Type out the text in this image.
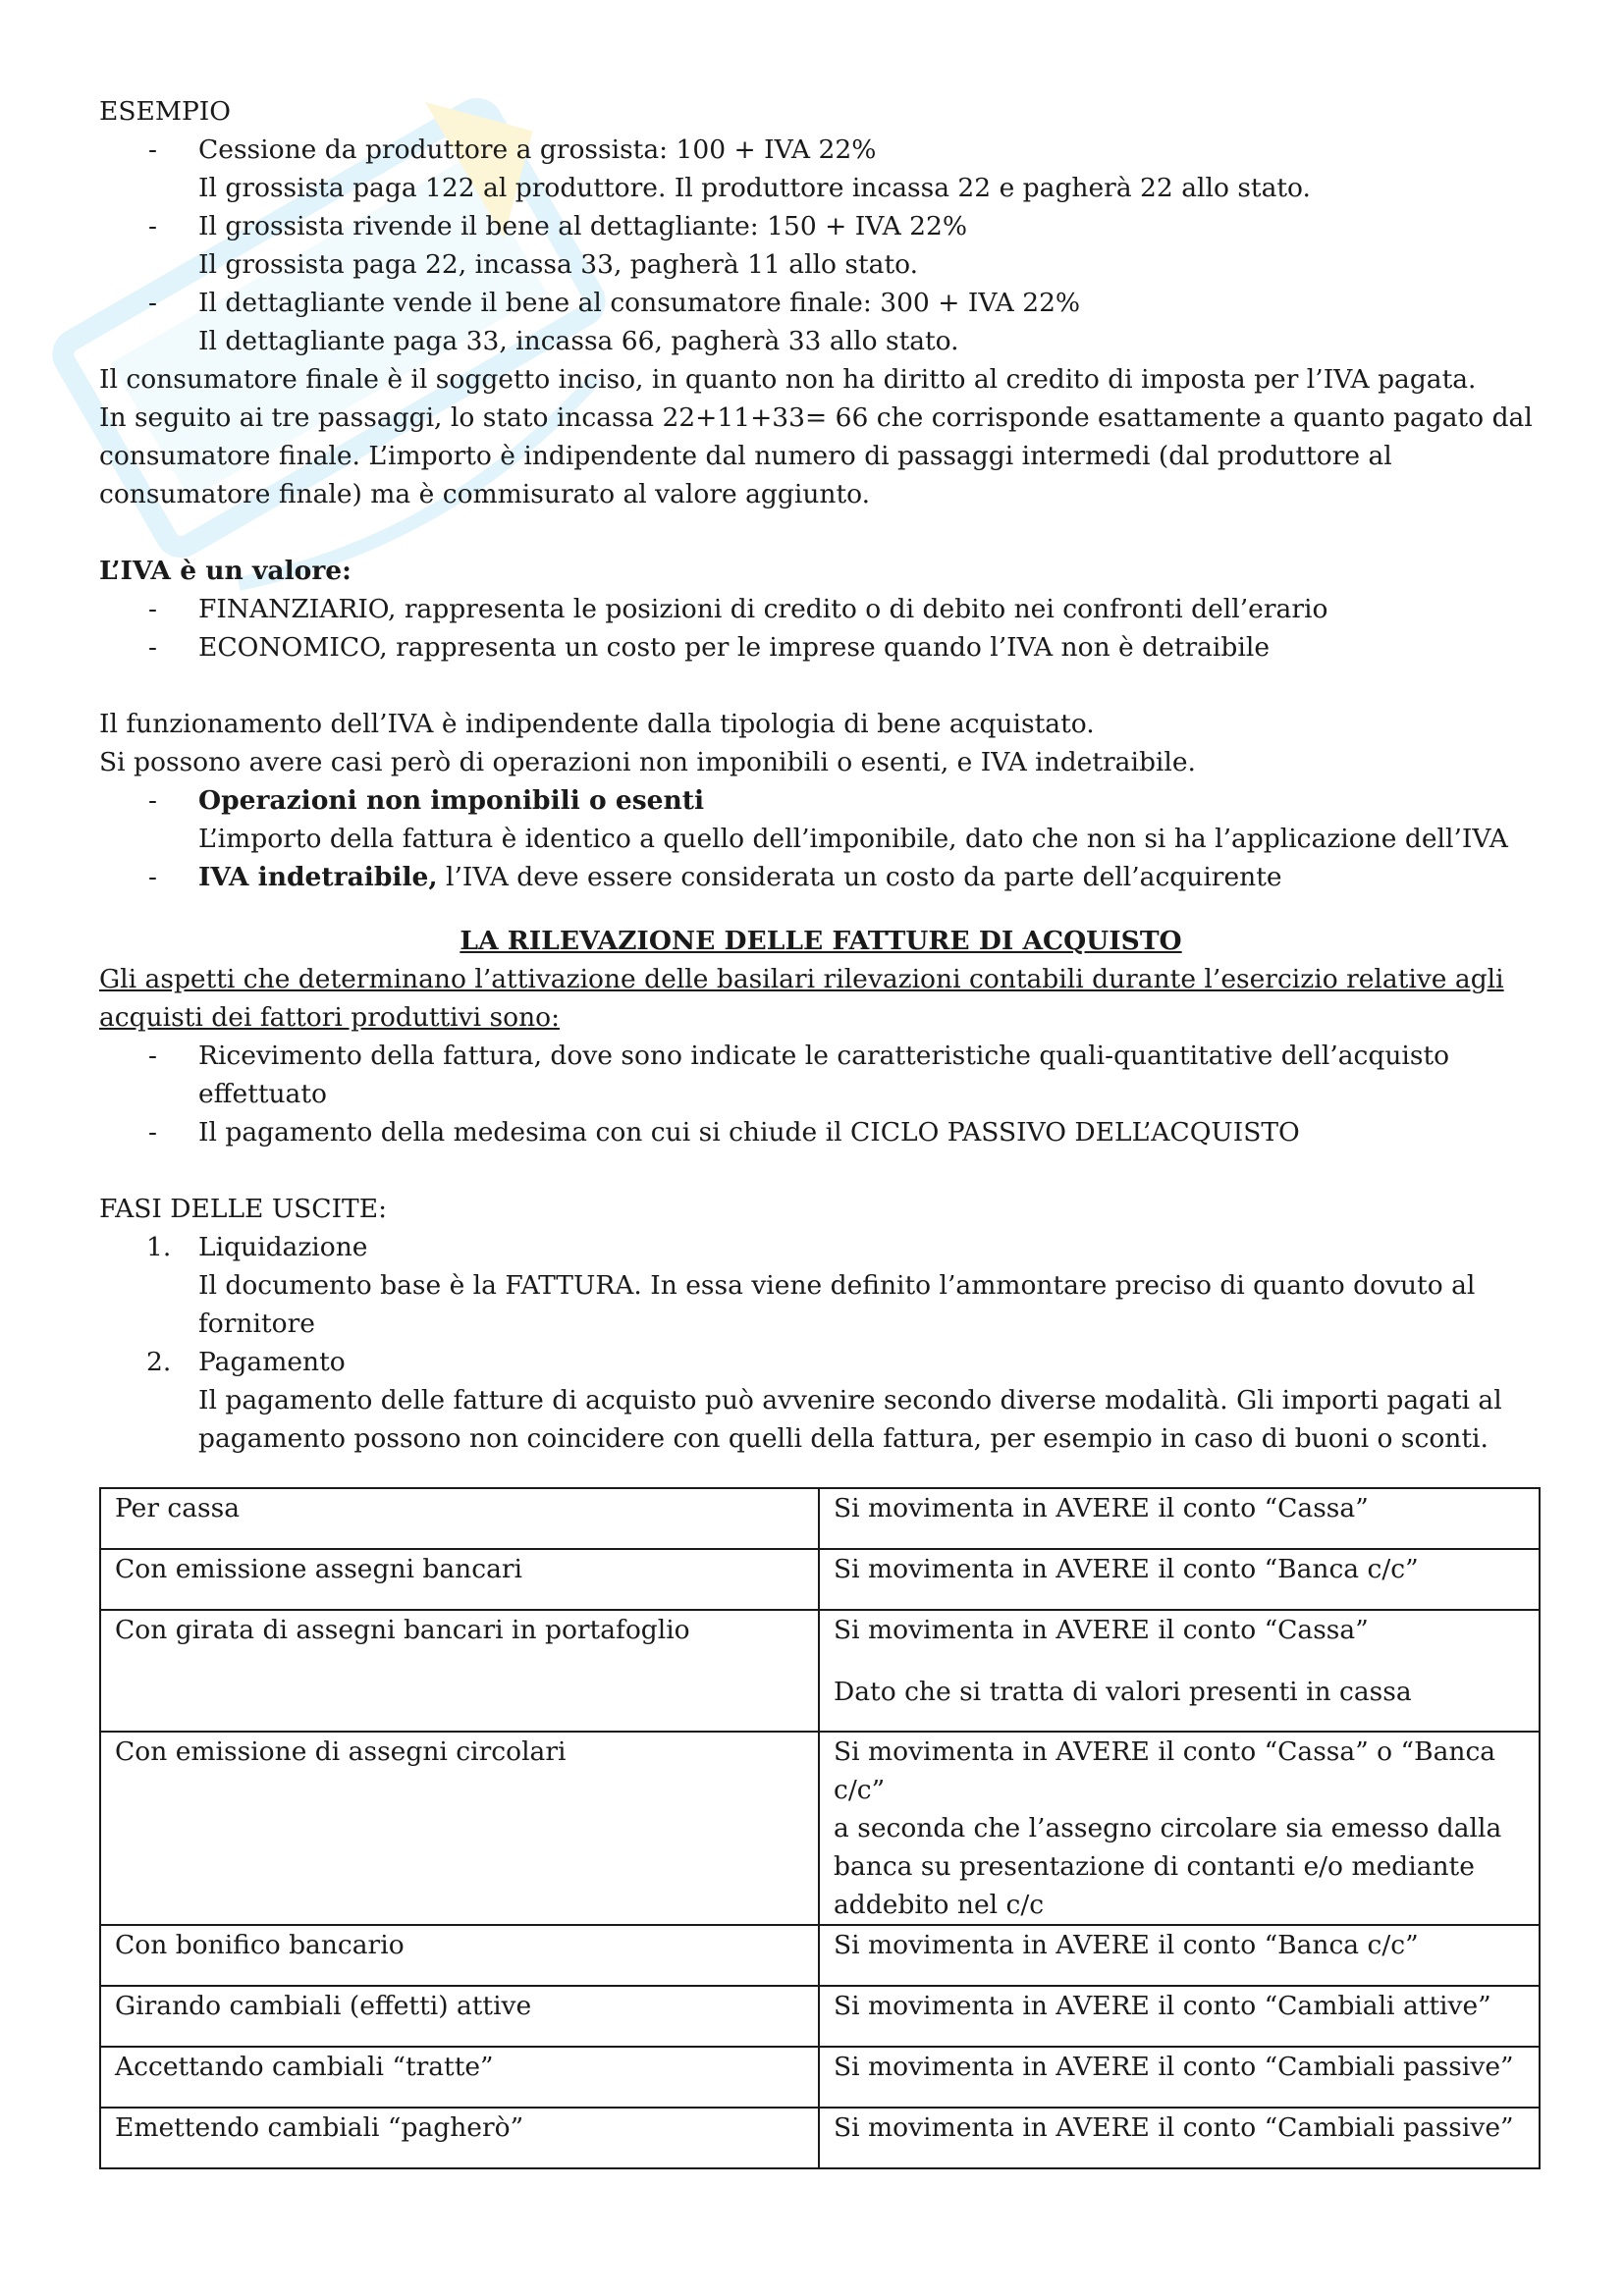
ESEMPIO

- Cessione da produttore a grossista: 100 + IVA 22%
Il grossista paga 122 al produttore. Il produttore incassa 22 e pagherà 22 allo stato.
- Il grossista rivende il bene al dettagliante: 150 + IVA 22%
Il grossista paga 22, incassa 33, pagherà 11 allo stato.
- Il dettagliante vende il bene al consumatore finale: 300 + IVA 22%
Il dettagliante paga 33, incassa 66, pagherà 33 allo stato.

Il consumatore finale è il soggetto inciso, in quanto non ha diritto al credito di imposta per l’IVA pagata.

In seguito ai tre passaggi, lo stato incassa 22+11+33= 66 che corrisponde esattamente a quanto pagato dal

consumatore finale. L’importo è indipendente dal numero di passaggi intermedi (dal produttore al

consumatore finale) ma è commisurato al valore aggiunto.

L’IVA è un valore:

- FINANZIARIO, rappresenta le posizioni di credito o di debito nei confronti dell’erario
- ECONOMICO, rappresenta un costo per le imprese quando l’IVA non è detraibile

Il funzionamento dell’IVA è indipendente dalla tipologia di bene acquistato.

Si possono avere casi però di operazioni non imponibili o esenti, e IVA indetraibile.

- Operazioni non imponibili o esenti
L’importo della fattura è identico a quello dell’imponibile, dato che non si ha l’applicazione dell’IVA
- IVA indetraibile, l’IVA deve essere considerata un costo da parte dell’acquirente

LA RILEVAZIONE DELLE FATTURE DI ACQUISTO

Gli aspetti che determinano l’attivazione delle basilari rilevazioni contabili durante l’esercizio relative agli

acquisti dei fattori produttivi sono:

- Ricevimento della fattura, dove sono indicate le caratteristiche quali-quantitative dell’acquisto
effettuato
- Il pagamento della medesima con cui si chiude il CICLO PASSIVO DELL’ACQUISTO

FASI DELLE USCITE:

1. Liquidazione
Il documento base è la FATTURA. In essa viene definito l’ammontare preciso di quanto dovuto al
fornitore
2. Pagamento
Il pagamento delle fatture di acquisto può avvenire secondo diverse modalità. Gli importi pagati al
pagamento possono non coincidere con quelli della fattura, per esempio in caso di buoni o sconti.
Per cassa	Si movimenta in AVERE il conto “Cassa”
Con emissione assegni bancari	Si movimenta in AVERE il conto “Banca c/c”
Con girata di assegni bancari in portafoglio	Si movimenta in AVERE il conto “Cassa”
Dato che si tratta di valori presenti in cassa

Con emissione di assegni circolari	Si movimenta in AVERE il conto “Cassa” o “Banca c/c”
a seconda che l’assegno circolare sia emesso dalla
banca su presentazione di contanti e/o mediante
addebito nel c/c
Con bonifico bancario	Si movimenta in AVERE il conto “Banca c/c”
Girando cambiali (effetti) attive	Si movimenta in AVERE il conto “Cambiali attive”
Accettando cambiali “tratte”	Si movimenta in AVERE il conto “Cambiali passive”
Emettendo cambiali “pagherò”	Si movimenta in AVERE il conto “Cambiali passive”
